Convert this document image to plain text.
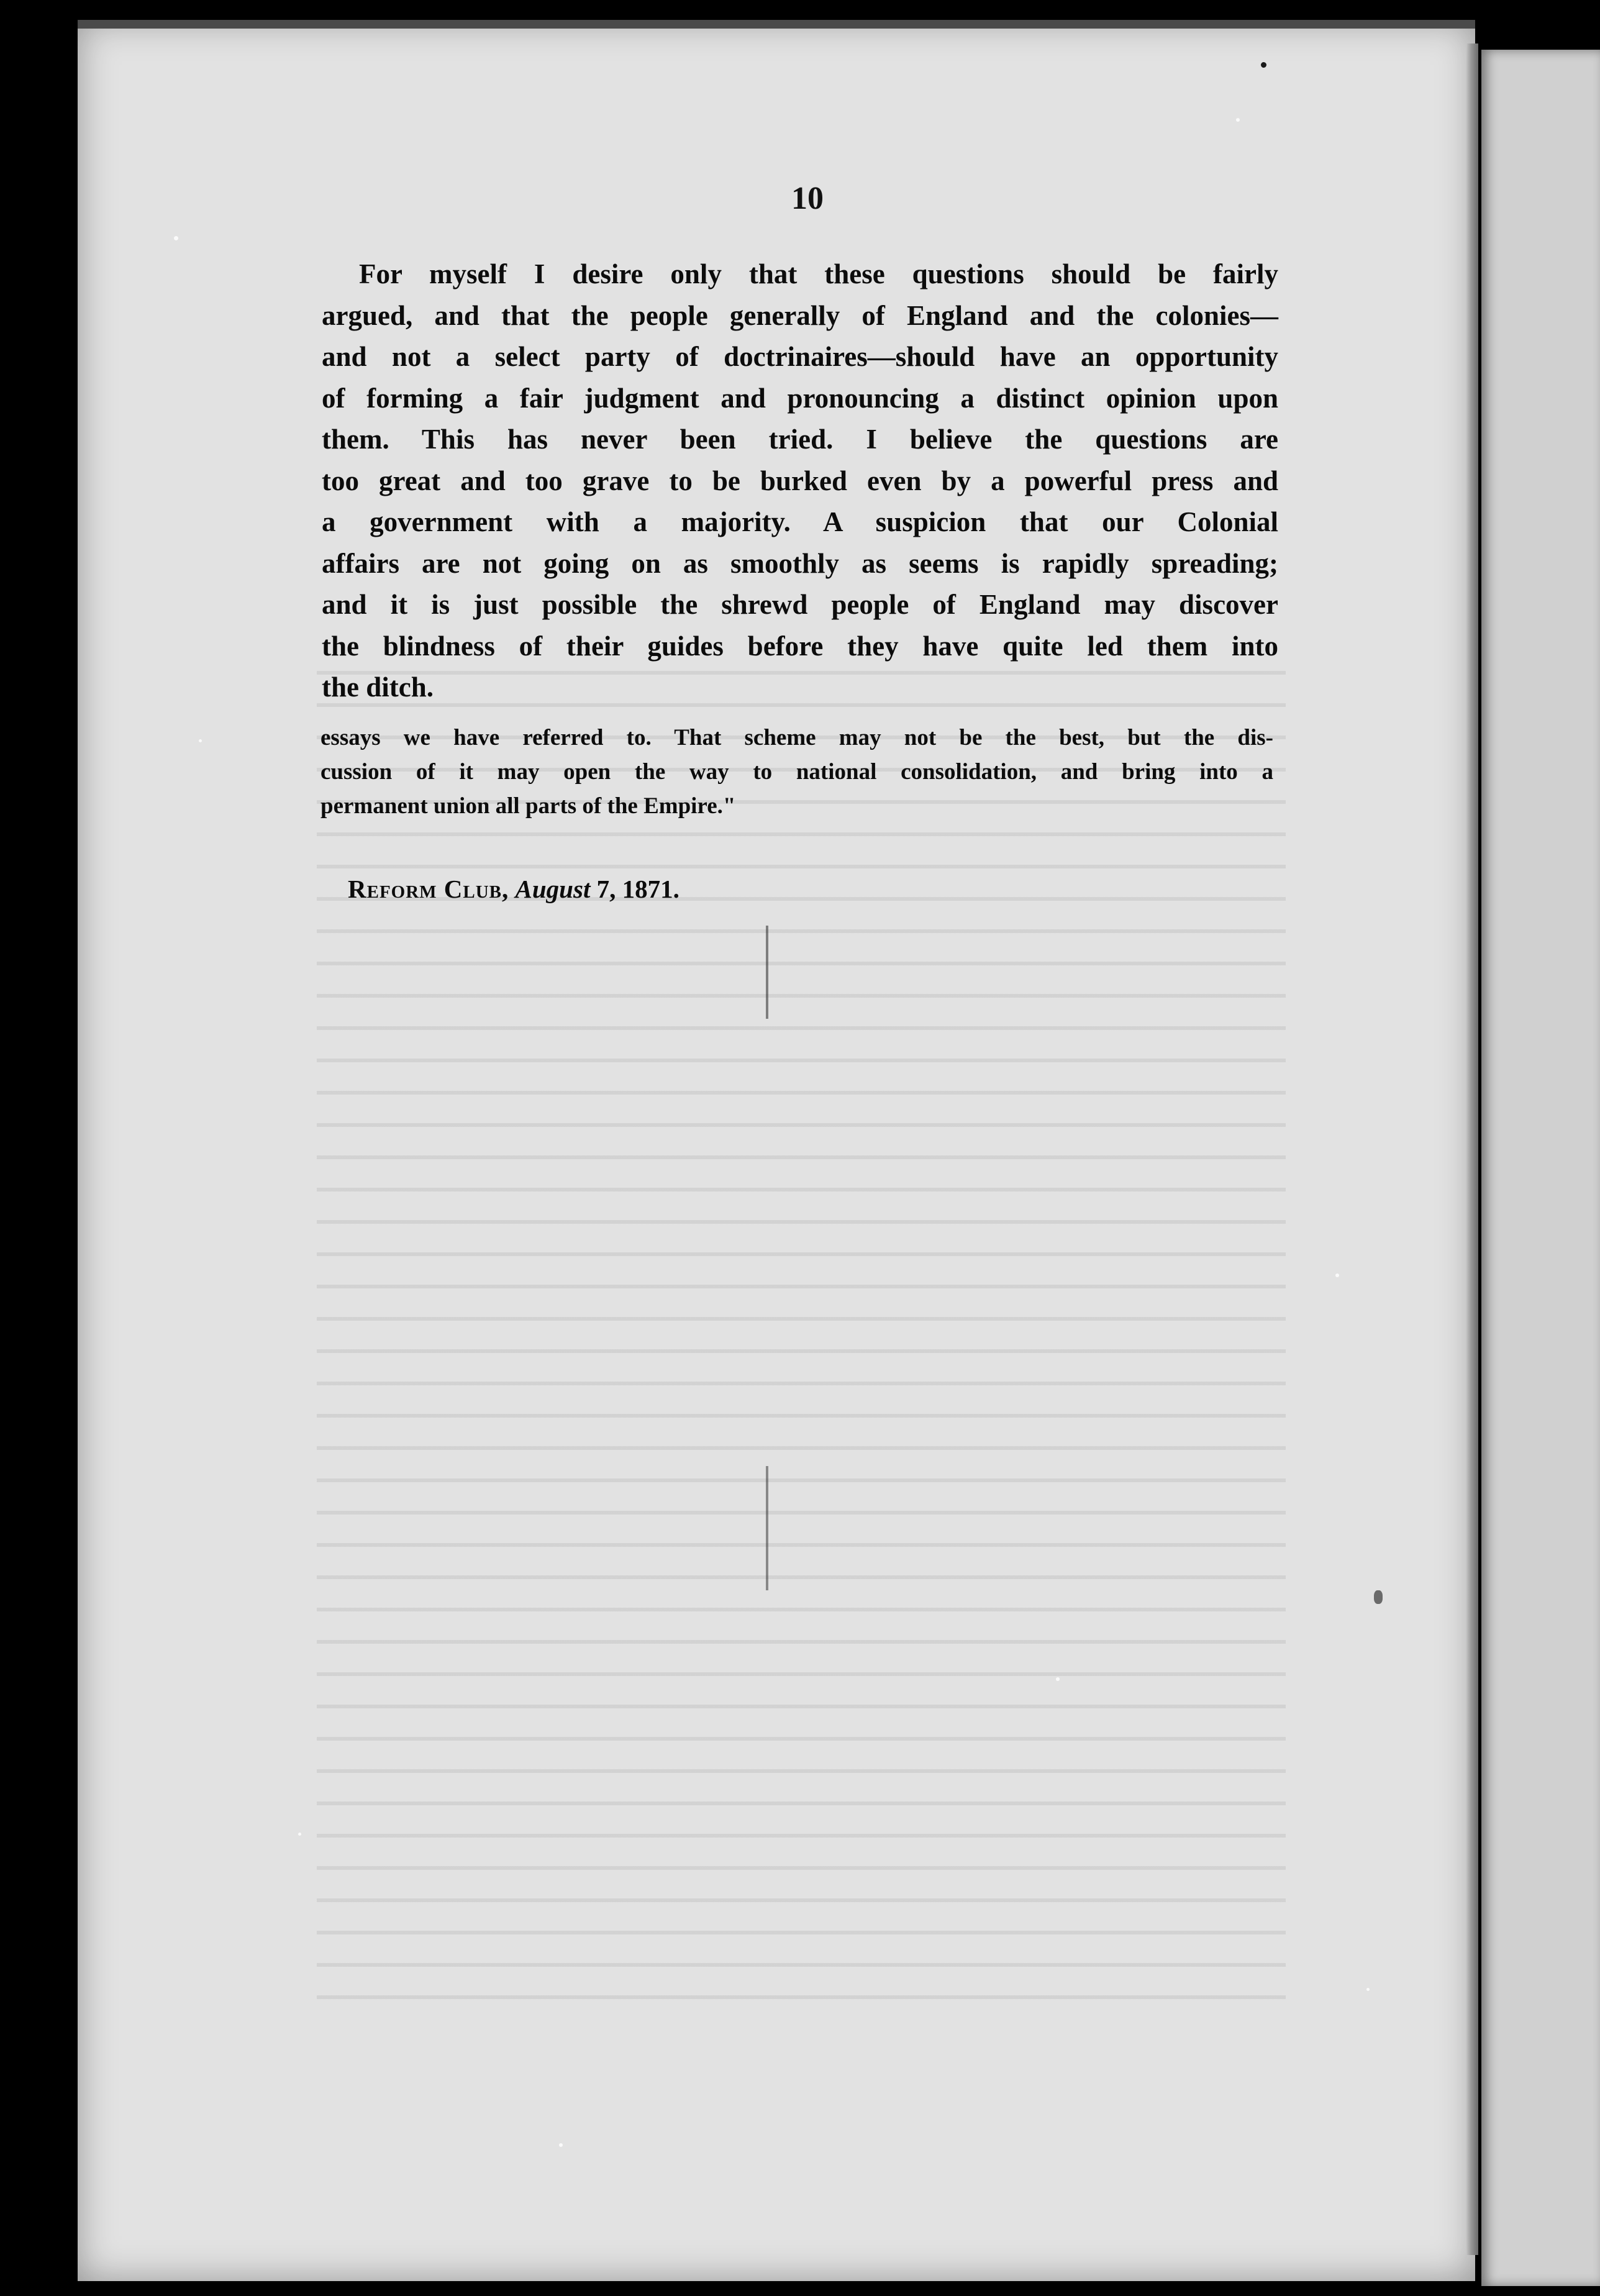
10
For myself I desire only that these questions should be fairly
argued, and that the people generally of England and the colonies—
and not a select party of doctrinaires—should have an opportunity
of forming a fair judgment and pronouncing a distinct opinion upon
them. This has never been tried. I believe the questions are
too great and too grave to be burked even by a powerful press and
a government with a majority. A suspicion that our Colonial
affairs are not going on as smoothly as seems is rapidly spreading;
and it is just possible the shrewd people of England may discover
the blindness of their guides before they have quite led them into
the ditch.
essays we have referred to. That scheme may not be the best, but the dis-
cussion of it may open the way to national consolidation, and bring into a
permanent union all parts of the Empire."
Reform Club, August 7, 1871.
